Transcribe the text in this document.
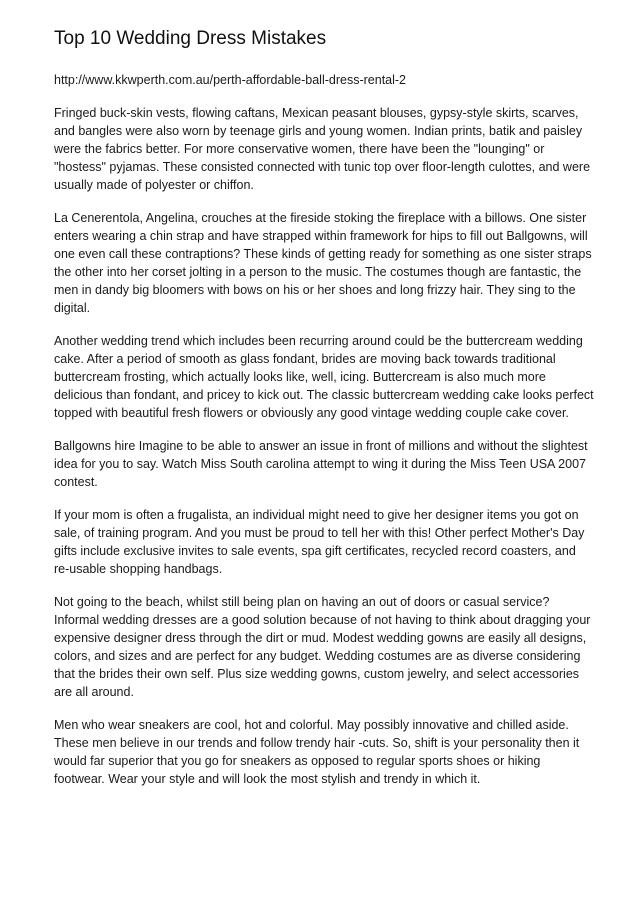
Top 10 Wedding Dress Mistakes
http://www.kkwperth.com.au/perth-affordable-ball-dress-rental-2

Fringed buck-skin vests, flowing caftans, Mexican peasant blouses, gypsy-style skirts, scarves, and bangles were also worn by teenage girls and young women. Indian prints, batik and paisley were the fabrics better. For more conservative women, there have been the "lounging" or "hostess" pyjamas. These consisted connected with tunic top over floor-length culottes, and were usually made of polyester or chiffon.

La Cenerentola, Angelina, crouches at the fireside stoking the fireplace with a billows. One sister enters wearing a chin strap and have strapped within framework for hips to fill out Ballgowns, will one even call these contraptions? These kinds of getting ready for something as one sister straps the other into her corset jolting in a person to the music. The costumes though are fantastic, the men in dandy big bloomers with bows on his or her shoes and long frizzy hair. They sing to the digital.

Another wedding trend which includes been recurring around could be the buttercream wedding cake. After a period of smooth as glass fondant, brides are moving back towards traditional buttercream frosting, which actually looks like, well, icing. Buttercream is also much more delicious than fondant, and pricey to kick out. The classic buttercream wedding cake looks perfect topped with beautiful fresh flowers or obviously any good vintage wedding couple cake cover.

Ballgowns hire Imagine to be able to answer an issue in front of millions and without the slightest idea for you to say. Watch Miss South carolina attempt to wing it during the Miss Teen USA 2007 contest.

If your mom is often a frugalista, an individual might need to give her designer items you got on sale, of training program. And you must be proud to tell her with this! Other perfect Mother's Day gifts include exclusive invites to sale events, spa gift certificates, recycled record coasters, and re-usable shopping handbags.

Not going to the beach, whilst still being plan on having an out of doors or casual service? Informal wedding dresses are a good solution because of not having to think about dragging your expensive designer dress through the dirt or mud. Modest wedding gowns are easily all designs, colors, and sizes and are perfect for any budget. Wedding costumes are as diverse considering that the brides their own self. Plus size wedding gowns, custom jewelry, and select accessories are all around.

Men who wear sneakers are cool, hot and colorful. May possibly innovative and chilled aside. These men believe in our trends and follow trendy hair -cuts. So, shift is your personality then it would far superior that you go for sneakers as opposed to regular sports shoes or hiking footwear. Wear your style and will look the most stylish and trendy in which it.
